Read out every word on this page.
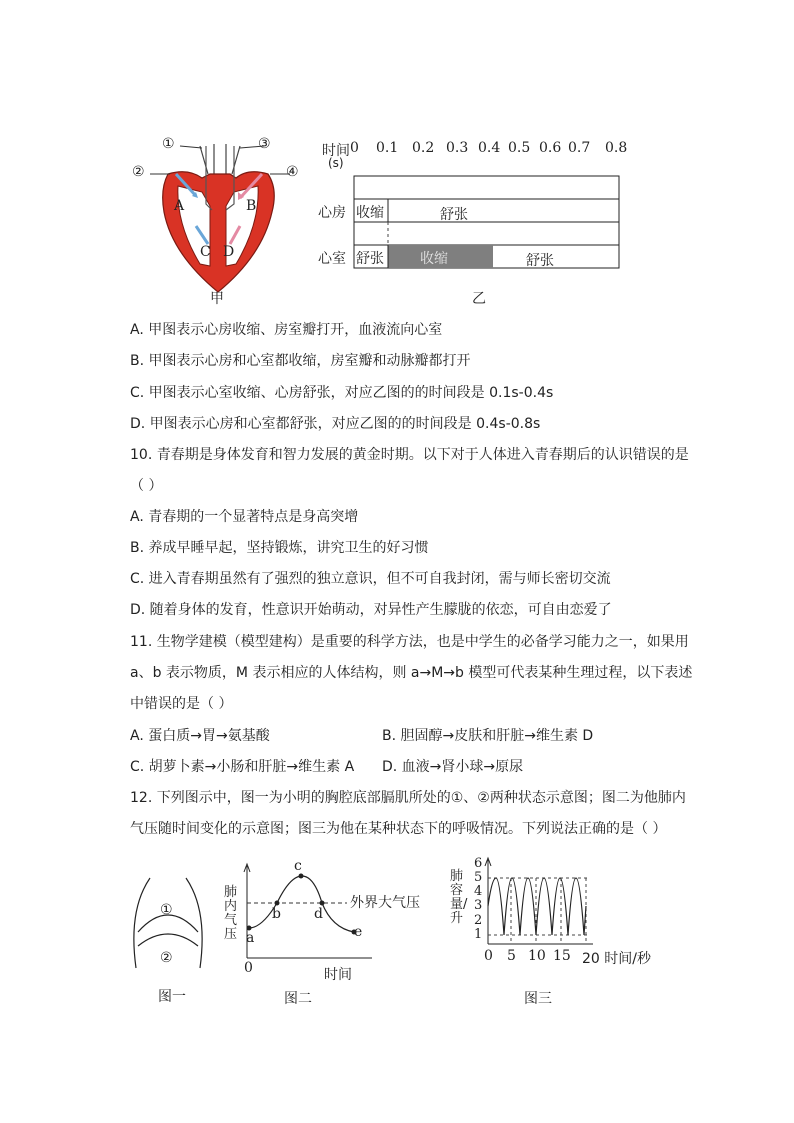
①
②
③
④
A	B
C D
甲
时间
(s)
0 0.1 0.2 0.3 0.4 0.5 0.6 0.7 0.8
心房
心室
收缩	舒张
舒张	收缩	舒张
乙
A. 甲图表示心房收缩、房室瓣打开，血液流向心室
B. 甲图表示心房和心室都收缩，房室瓣和动脉瓣都打开
C. 甲图表示心室收缩、心房舒张，对应乙图的的时间段是 0.1s-0.4s
D. 甲图表示心房和心室都舒张，对应乙图的的时间段是 0.4s-0.8s
10. 青春期是身体发育和智力发展的黄金时期。以下对于人体进入青春期后的认识错误的是
（ ）
A. 青春期的一个显著特点是身高突增
B. 养成早睡早起，坚持锻炼，讲究卫生的好习惯
C. 进入青春期虽然有了强烈的独立意识，但不可自我封闭，需与师长密切交流
D. 随着身体的发育，性意识开始萌动，对异性产生朦胧的依恋，可自由恋爱了
11. 生物学建模（模型建构）是重要的科学方法，也是中学生的必备学习能力之一，如果用
a、b 表示物质，M 表示相应的人体结构，则 a→M→b 模型可代表某种生理过程，以下表述
中错误的是（ ）
A. 蛋白质→胃→氨基酸	B. 胆固醇→皮肤和肝脏→维生素 D
C. 胡萝卜素→小肠和肝脏→维生素 A D. 血液→肾小球→原尿
12. 下列图示中，图一为小明的胸腔底部膈肌所处的①、②两种状态示意图；图二为他肺内
气压随时间变化的示意图；图三为他在某种状态下的呼吸情况。下列说法正确的是（ ）
①
②
图一
肺内气压 a
b
c
d
e
外界大气压
0	时间
图二
肺容量/升
6
5
4
3
2
1
0 5 10 15 20 时间/秒
图三
